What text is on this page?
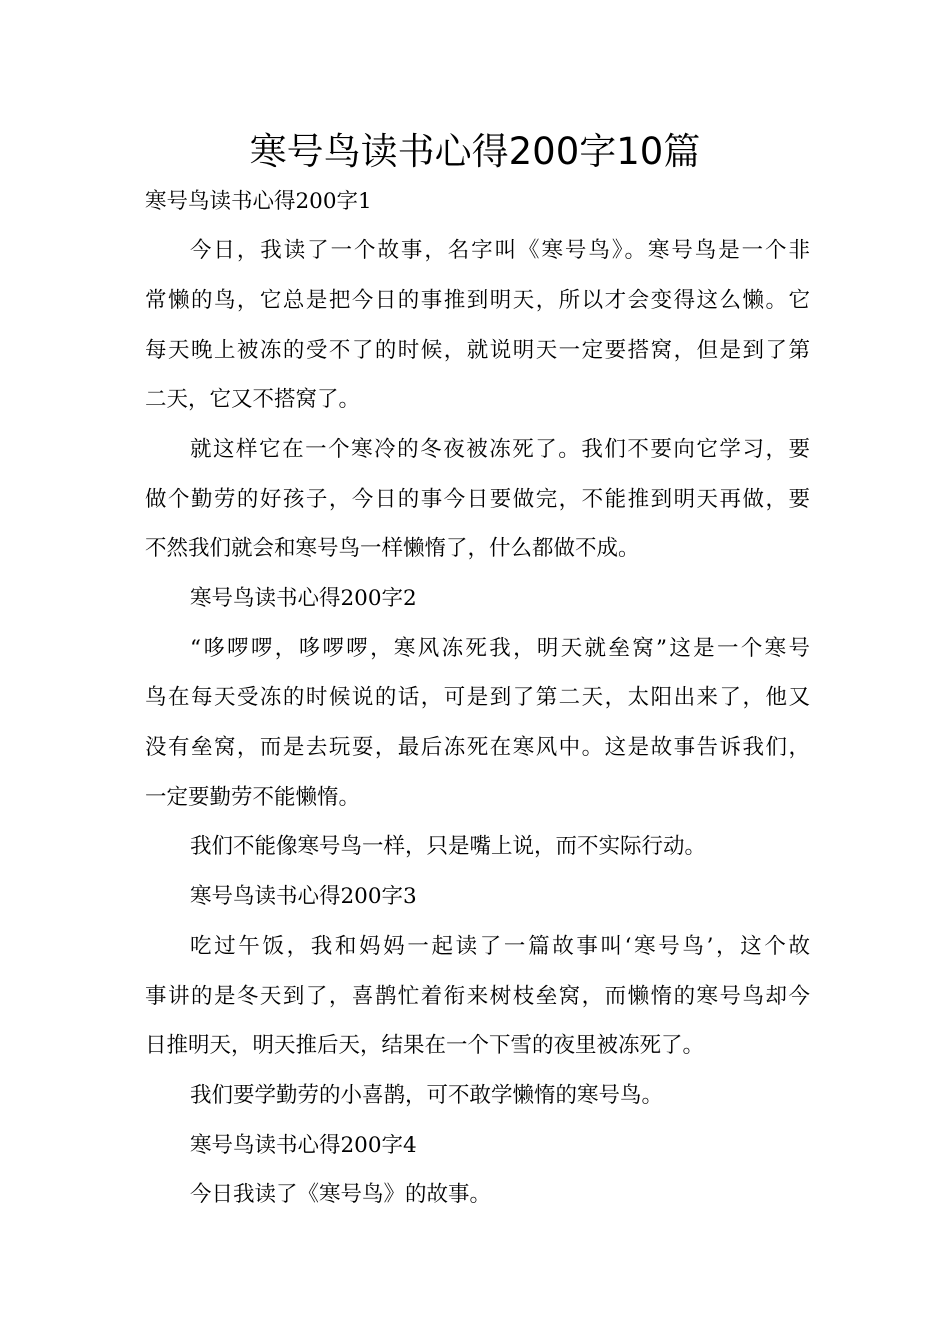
寒号鸟读书心得200字10篇

寒号鸟读书心得200字1

今日，我读了一个故事，名字叫《寒号鸟》。寒号鸟是一个非

常懒的鸟，它总是把今日的事推到明天，所以才会变得这么懒。它

每天晚上被冻的受不了的时候，就说明天一定要搭窝，但是到了第

二天，它又不搭窝了。

就这样它在一个寒冷的冬夜被冻死了。我们不要向它学习，要

做个勤劳的好孩子，今日的事今日要做完，不能推到明天再做，要

不然我们就会和寒号鸟一样懒惰了，什么都做不成。

寒号鸟读书心得200字2

“哆啰啰，哆啰啰，寒风冻死我，明天就垒窝”这是一个寒号

鸟在每天受冻的时候说的话，可是到了第二天，太阳出来了，他又

没有垒窝，而是去玩耍，最后冻死在寒风中。这是故事告诉我们，

一定要勤劳不能懒惰。

我们不能像寒号鸟一样，只是嘴上说，而不实际行动。

寒号鸟读书心得200字3

吃过午饭，我和妈妈一起读了一篇故事叫‘寒号鸟’，这个故

事讲的是冬天到了，喜鹊忙着衔来树枝垒窝，而懒惰的寒号鸟却今

日推明天，明天推后天，结果在一个下雪的夜里被冻死了。

我们要学勤劳的小喜鹊，可不敢学懒惰的寒号鸟。

寒号鸟读书心得200字4

今日我读了《寒号鸟》的故事。
